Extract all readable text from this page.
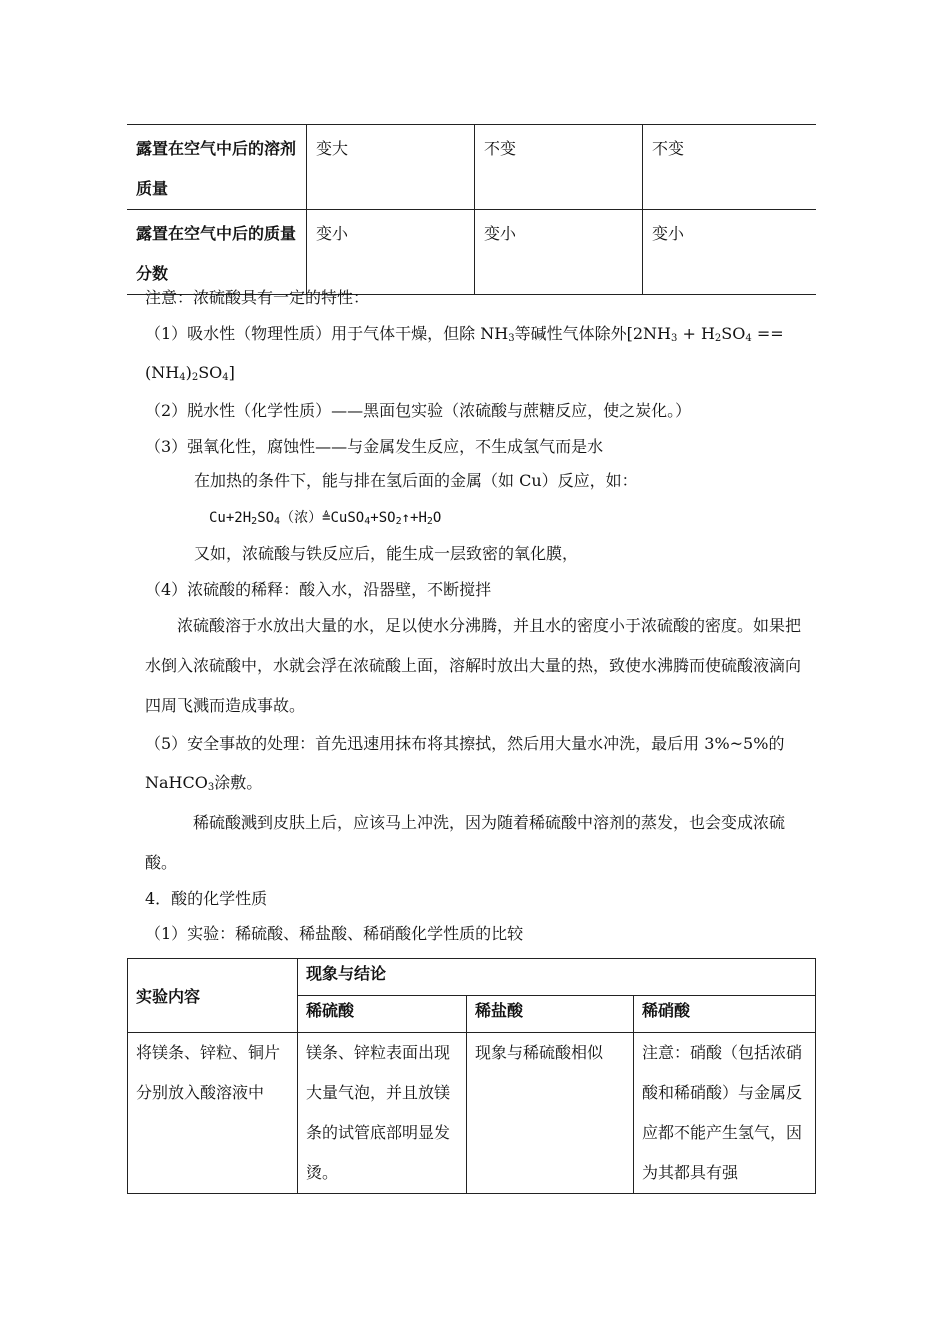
露置在空气中后的溶剂质量	变大	不变	不变
露置在空气中后的质量分数	变小	变小	变小
注意：浓硫酸具有一定的特性：
（1）吸水性（物理性质）用于气体干燥，但除 $NH_3$等碱性气体除外[$2NH_3 + H_2SO_4$ ==
$(NH_4)_2SO_4$]
（2）脱水性（化学性质）——黑面包实验（浓硫酸与蔗糖反应，使之炭化。）
（3）强氧化性，腐蚀性——与金属发生反应，不生成氢气而是水
在加热的条件下，能与排在氢后面的金属（如 Cu）反应，如：
$Cu+2H_2SO_4$（浓）$≜CuSO_4+SO_2↑+H_2O$
又如，浓硫酸与铁反应后，能生成一层致密的氧化膜，
（4）浓硫酸的稀释：酸入水，沿器壁，不断搅拌
浓硫酸溶于水放出大量的水，足以使水分沸腾，并且水的密度小于浓硫酸的密度。如果把水倒入浓硫酸中，水就会浮在浓硫酸上面，溶解时放出大量的热，致使水沸腾而使硫酸液滴向四周飞溅而造成事故。
（5）安全事故的处理：首先迅速用抹布将其擦拭，然后用大量水冲洗，最后用 3%~5%的
NaHCO$_3$涂敷。
稀硫酸溅到皮肤上后，应该马上冲洗，因为随着稀硫酸中溶剂的蒸发，也会变成浓硫酸。
4．酸的化学性质
（1）实验：稀硫酸、稀盐酸、稀硝酸化学性质的比较
实验内容	现象与结论		
	稀硫酸	稀盐酸	稀硝酸
将镁条、锌粒、铜片分别放入酸溶液中	镁条、锌粒表面出现大量气泡，并且放镁条的试管底部明显发烫。	现象与稀硫酸相似	注意：硝酸（包括浓硝酸和稀硝酸）与金属反应都不能产生氢气，因为其都具有强
